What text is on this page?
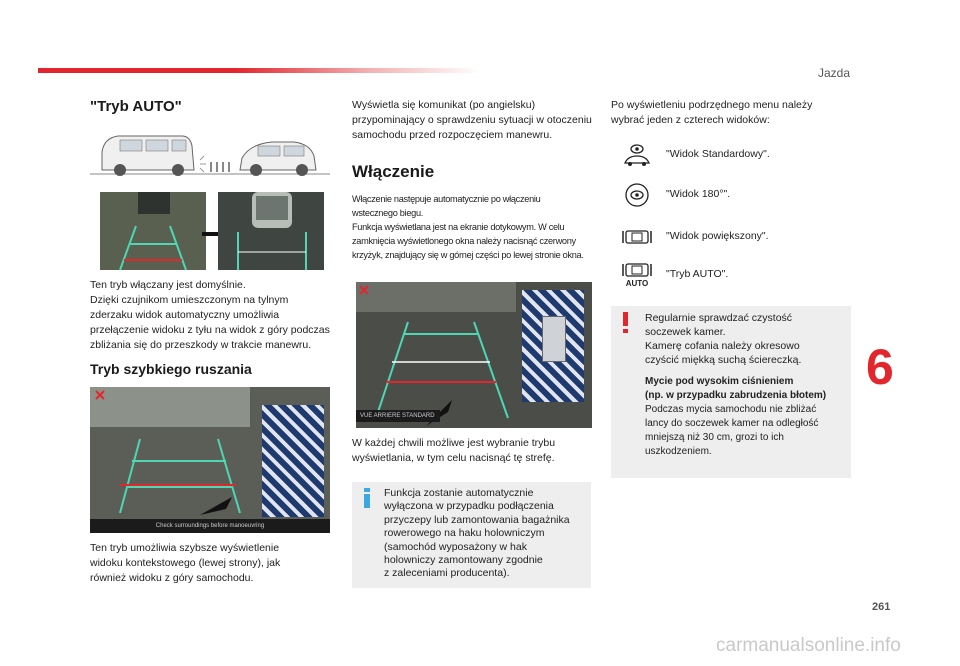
Jazda
"Tryb AUTO"
Ten tryb włączany jest domyślnie.
Dzięki czujnikom umieszczonym na tylnym
zderzaku widok automatyczny umożliwia
przełączenie widoku z tyłu na widok z góry podczas
zbliżania się do przeszkody w trakcie manewru.
Tryb szybkiego ruszania
Check surroundings before manoeuvring
Ten tryb umożliwia szybsze wyświetlenie
widoku kontekstowego (lewej strony), jak
również widoku z góry samochodu.
Wyświetla się komunikat (po angielsku)
przypominający o sprawdzeniu sytuacji w otoczeniu
samochodu przed rozpoczęciem manewru.
Włączenie
Włączenie następuje automatycznie po włączeniu
wstecznego biegu.
Funkcja wyświetlana jest na ekranie dotykowym. W celu
zamknięcia wyświetlonego okna należy nacisnąć czerwony
krzyżyk, znajdujący się w górnej części po lewej stronie okna.
VUE ARRIERE STANDARD
W każdej chwili możliwe jest wybranie trybu
wyświetlania, w tym celu nacisnąć tę strefę.
Funkcja zostanie automatycznie
wyłączona w przypadku podłączenia
przyczepy lub zamontowania bagażnika
rowerowego na haku holowniczym
(samochód wyposażony w hak
holowniczy zamontowany zgodnie
z zaleceniami producenta).
Po wyświetleniu podrzędnego menu należy
wybrać jeden z czterech widoków:
"Widok Standardowy".
"Widok 180°".
"Widok powiększony".
AUTO
"Tryb AUTO".
Regularnie sprawdzać czystość
soczewek kamer.
Kamerę cofania należy okresowo
czyścić miękką suchą ściereczką.
Mycie pod wysokim ciśnieniem
(np. w przypadku zabrudzenia błotem)
Podczas mycia samochodu nie zbliżać
lancy do soczewek kamer na odległość
mniejszą niż 30 cm, grozi to ich
uszkodzeniem.
6
261
carmanualsonline.info
